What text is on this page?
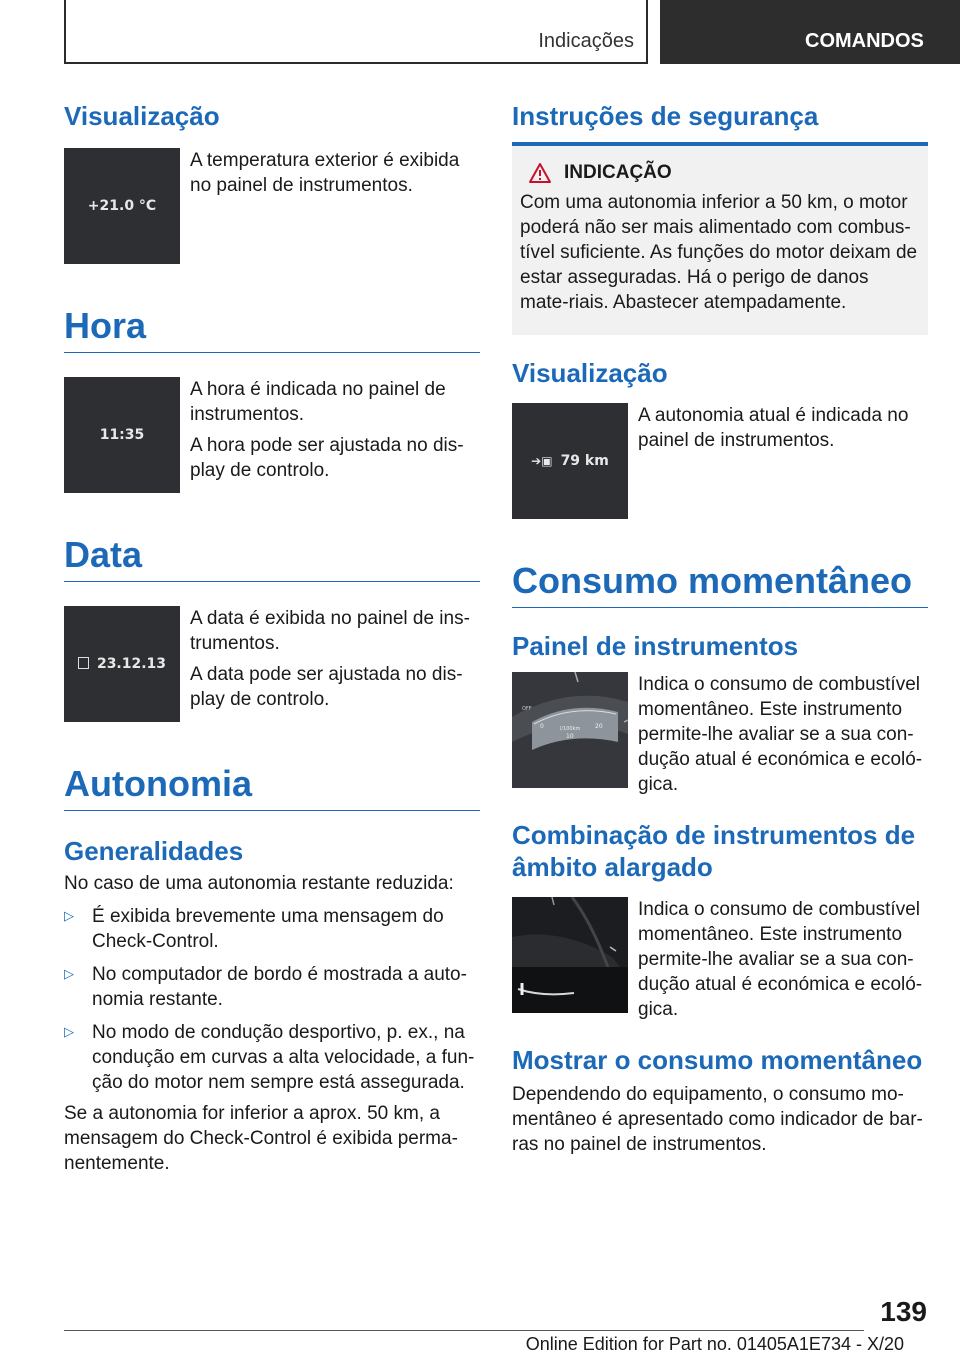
Indicações	COMANDOS
Visualização
+21.0 °C

A temperatura exterior é exibida no painel de instrumentos.

Hora
11:35

A hora é indicada no painel de instrumentos.

A hora pode ser ajustada no dis-play de controlo.

Data
23.12.13

A data é exibida no painel de ins-trumentos.

A data pode ser ajustada no dis-play de controlo.

Autonomia
Generalidades

No caso de uma autonomia restante reduzida:

▷ É exibida brevemente uma mensagem do Check-Control.

▷ No computador de bordo é mostrada a auto-nomia restante.

▷ No modo de condução desportivo, p. ex., na condução em curvas a alta velocidade, a fun-ção do motor nem sempre está assegurada.

Se a autonomia for inferior a aprox. 50 km, a mensagem do Check-Control é exibida perma-nentemente.

Instruções de segurança
INDICAÇÃO

Com uma autonomia inferior a 50 km, o motor poderá não ser mais alimentado com combus-tível suficiente. As funções do motor deixam de estar asseguradas. Há o perigo de danos mate-riais. Abastecer atempadamente.

Visualização
➔▣ 79 km

A autonomia atual é indicada no painel de instrumentos.

Consumo momentâneo
Painel de instrumentos
OFF
0	20
l/100km
10

Indica o consumo de combustível momentâneo. Este instrumento permite-lhe avaliar se a sua con-dução atual é económica e ecoló-gica.

Combinação de instrumentos de âmbito alargado

Indica o consumo de combustível momentâneo. Este instrumento permite-lhe avaliar se a sua con-dução atual é económica e ecoló-gica.

Mostrar o consumo momentâneo

Dependendo do equipamento, o consumo mo-mentâneo é apresentado como indicador de bar-ras no painel de instrumentos.

139
Online Edition for Part no. 01405A1E734 - X/20
